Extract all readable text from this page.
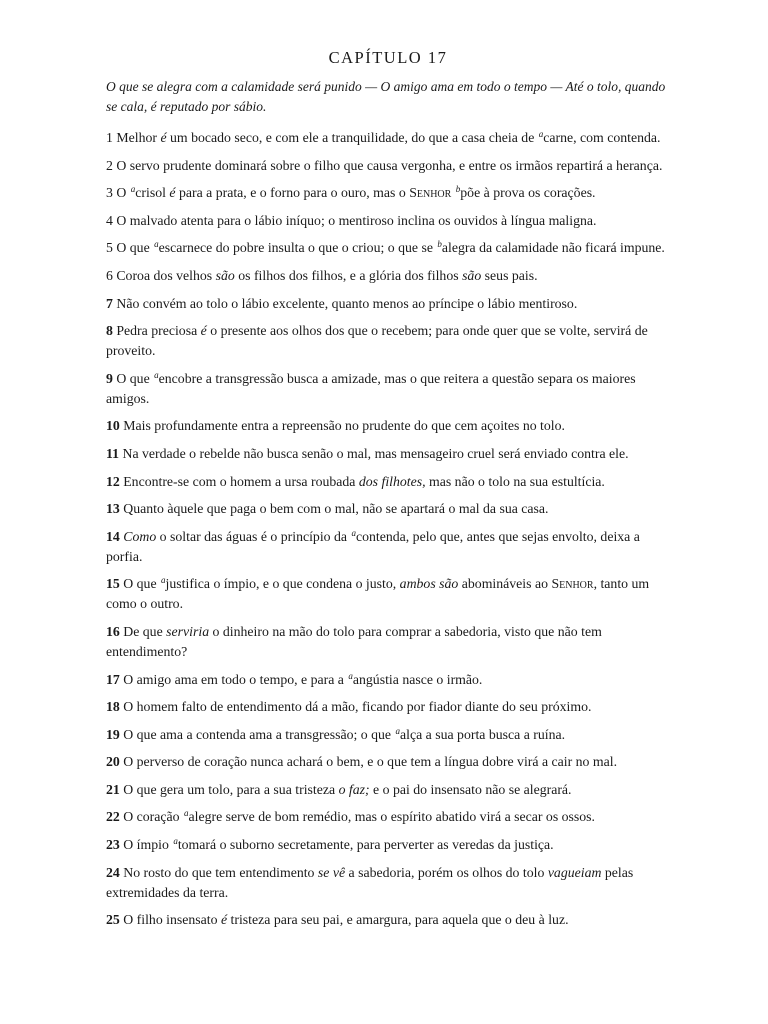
CAPÍTULO 17

O que se alegra com a calamidade será punido — O amigo ama em todo o tempo — Até o tolo, quando se cala, é reputado por sábio.

1 Melhor é um bocado seco, e com ele a tranquilidade, do que a casa cheia de $^a$carne, com contenda.

2 O servo prudente dominará sobre o filho que causa vergonha, e entre os irmãos repartirá a herança.

3 O $^a$crisol é para a prata, e o forno para o ouro, mas o Senhor $^b$põe à prova os corações.

4 O malvado atenta para o lábio iníquo; o mentiroso inclina os ouvidos à língua maligna.

5 O que $^a$escarnece do pobre insulta o que o criou; o que se $^b$alegra da calamidade não ficará impune.

6 Coroa dos velhos são os filhos dos filhos, e a glória dos filhos são seus pais.

7 Não convém ao tolo o lábio excelente, quanto menos ao príncipe o lábio mentiroso.

8 Pedra preciosa é o presente aos olhos dos que o recebem; para onde quer que se volte, servirá de proveito.

9 O que $^a$encobre a transgressão busca a amizade, mas o que reitera a questão separa os maiores amigos.

10 Mais profundamente entra a repreensão no prudente do que cem açoites no tolo.

11 Na verdade o rebelde não busca senão o mal, mas mensageiro cruel será enviado contra ele.

12 Encontre-se com o homem a ursa roubada dos filhotes, mas não o tolo na sua estultícia.

13 Quanto àquele que paga o bem com o mal, não se apartará o mal da sua casa.

14 Como o soltar das águas é o princípio da $^a$contenda, pelo que, antes que sejas envolto, deixa a porfia.

15 O que $^a$justifica o ímpio, e o que condena o justo, ambos são abomináveis ao Senhor, tanto um como o outro.

16 De que serviria o dinheiro na mão do tolo para comprar a sabedoria, visto que não tem entendimento?

17 O amigo ama em todo o tempo, e para a $^a$angústia nasce o irmão.

18 O homem falto de entendimento dá a mão, ficando por fiador diante do seu próximo.

19 O que ama a contenda ama a transgressão; o que $^a$alça a sua porta busca a ruína.

20 O perverso de coração nunca achará o bem, e o que tem a língua dobre virá a cair no mal.

21 O que gera um tolo, para a sua tristeza o faz; e o pai do insensato não se alegrará.

22 O coração $^a$alegre serve de bom remédio, mas o espírito abatido virá a secar os ossos.

23 O ímpio $^a$tomará o suborno secretamente, para perverter as veredas da justiça.

24 No rosto do que tem entendimento se vê a sabedoria, porém os olhos do tolo vagueiam pelas extremidades da terra.

25 O filho insensato é tristeza para seu pai, e amargura, para aquela que o deu à luz.
